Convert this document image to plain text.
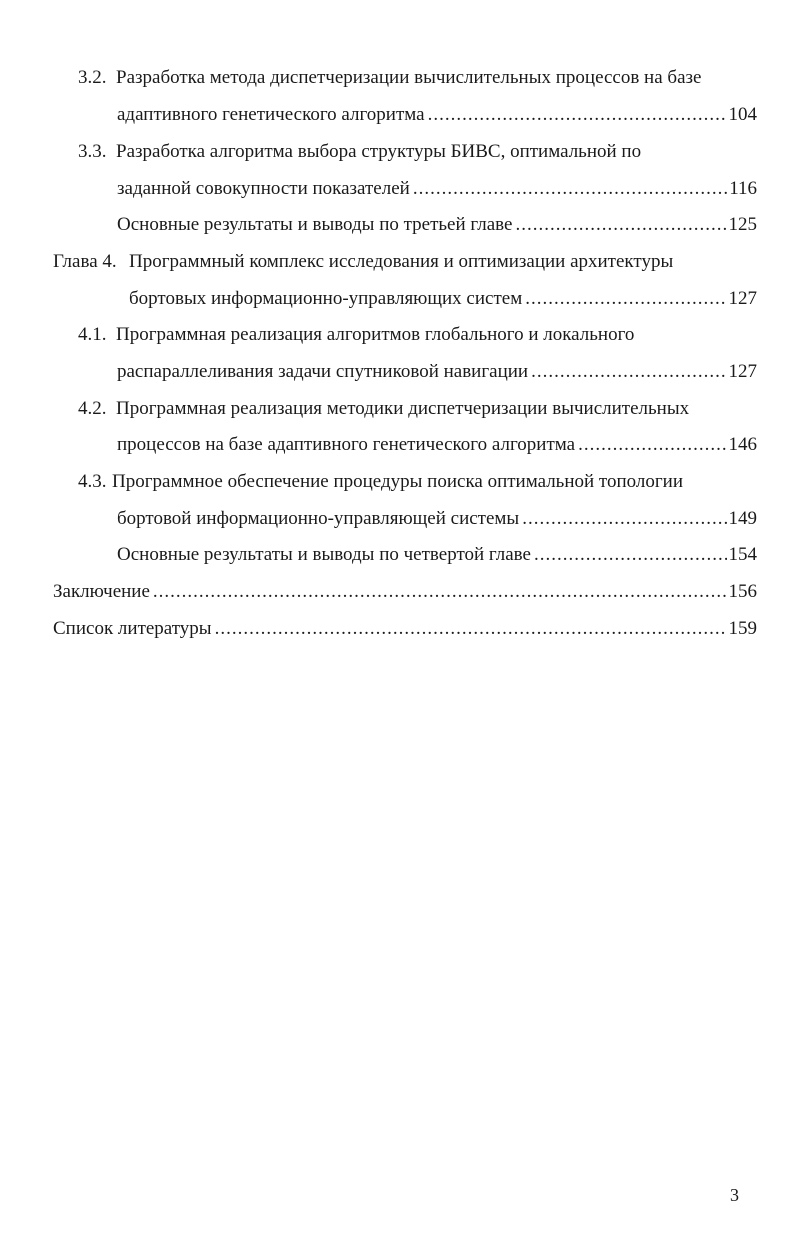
3.2. Разработка метода диспетчеризации вычислительных процессов на базе
адаптивного генетического алгоритма .....	104
3.3. Разработка алгоритма выбора структуры БИВС, оптимальной по
заданной совокупности показателей .....	116
Основные результаты и выводы по третьей главе .....	125
Глава 4. Программный комплекс исследования и оптимизации архитектуры
бортовых информационно-управляющих систем .....	127
4.1. Программная реализация алгоритмов глобального и локального
распараллеливания задачи спутниковой навигации .....	127
4.2. Программная реализация методики диспетчеризации вычислительных
процессов на базе адаптивного генетического алгоритма .....	146
4.3. Программное обеспечение процедуры поиска оптимальной топологии
бортовой информационно-управляющей системы .....	149
Основные результаты и выводы по четвертой главе .....	154
Заключение .....	156
Список литературы .....	159
3
